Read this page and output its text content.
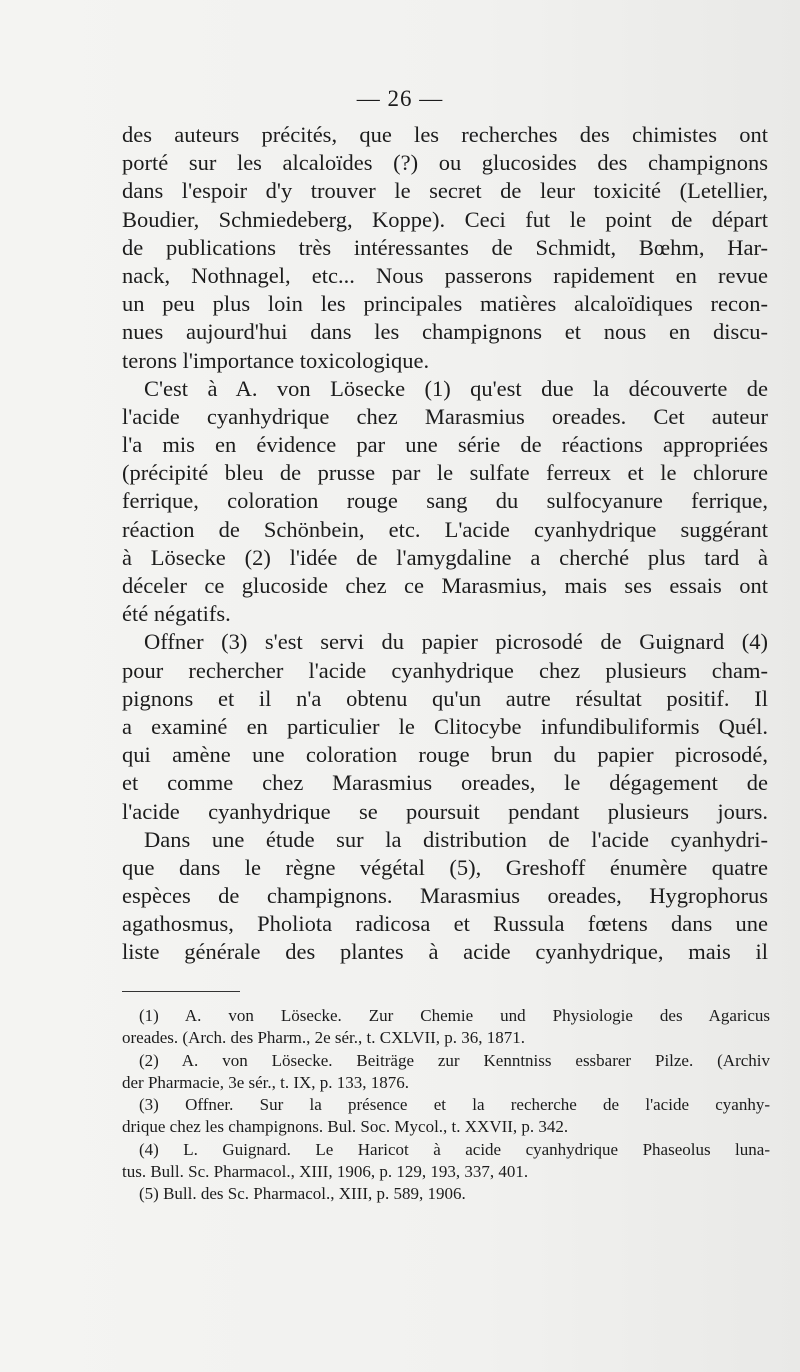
— 26 —
des auteurs précités, que les recherches des chimistes ont
porté sur les alcaloïdes (?) ou glucosides des champignons
dans l'espoir d'y trouver le secret de leur toxicité (Letellier,
Boudier, Schmiedeberg, Koppe). Ceci fut le point de départ
de publications très intéressantes de Schmidt, Bœhm, Har-
nack, Nothnagel, etc... Nous passerons rapidement en revue
un peu plus loin les principales matières alcaloïdiques recon-
nues aujourd'hui dans les champignons et nous en discu-
terons l'importance toxicologique.
C'est à A. von Lösecke (1) qu'est due la découverte de
l'acide cyanhydrique chez Marasmius oreades. Cet auteur
l'a mis en évidence par une série de réactions appropriées
(précipité bleu de prusse par le sulfate ferreux et le chlorure
ferrique, coloration rouge sang du sulfocyanure ferrique,
réaction de Schönbein, etc. L'acide cyanhydrique suggérant
à Lösecke (2) l'idée de l'amygdaline a cherché plus tard à
déceler ce glucoside chez ce Marasmius, mais ses essais ont
été négatifs.
Offner (3) s'est servi du papier picrosodé de Guignard (4)
pour rechercher l'acide cyanhydrique chez plusieurs cham-
pignons et il n'a obtenu qu'un autre résultat positif. Il
a examiné en particulier le Clitocybe infundibuliformis Quél.
qui amène une coloration rouge brun du papier picrosodé,
et comme chez Marasmius oreades, le dégagement de
l'acide cyanhydrique se poursuit pendant plusieurs jours.
Dans une étude sur la distribution de l'acide cyanhydri-
que dans le règne végétal (5), Greshoff énumère quatre
espèces de champignons. Marasmius oreades, Hygrophorus
agathosmus, Pholiota radicosa et Russula fœtens dans une
liste générale des plantes à acide cyanhydrique, mais il
(1) A. von Lösecke. Zur Chemie und Physiologie des Agaricus
oreades. (Arch. des Pharm., 2e sér., t. CXLVII, p. 36, 1871.
(2) A. von Lösecke. Beiträge zur Kenntniss essbarer Pilze. (Archiv
der Pharmacie, 3e sér., t. IX, p. 133, 1876.
(3) Offner. Sur la présence et la recherche de l'acide cyanhy-
drique chez les champignons. Bul. Soc. Mycol., t. XXVII, p. 342.
(4) L. Guignard. Le Haricot à acide cyanhydrique Phaseolus luna-
tus. Bull. Sc. Pharmacol., XIII, 1906, p. 129, 193, 337, 401.
(5) Bull. des Sc. Pharmacol., XIII, p. 589, 1906.
